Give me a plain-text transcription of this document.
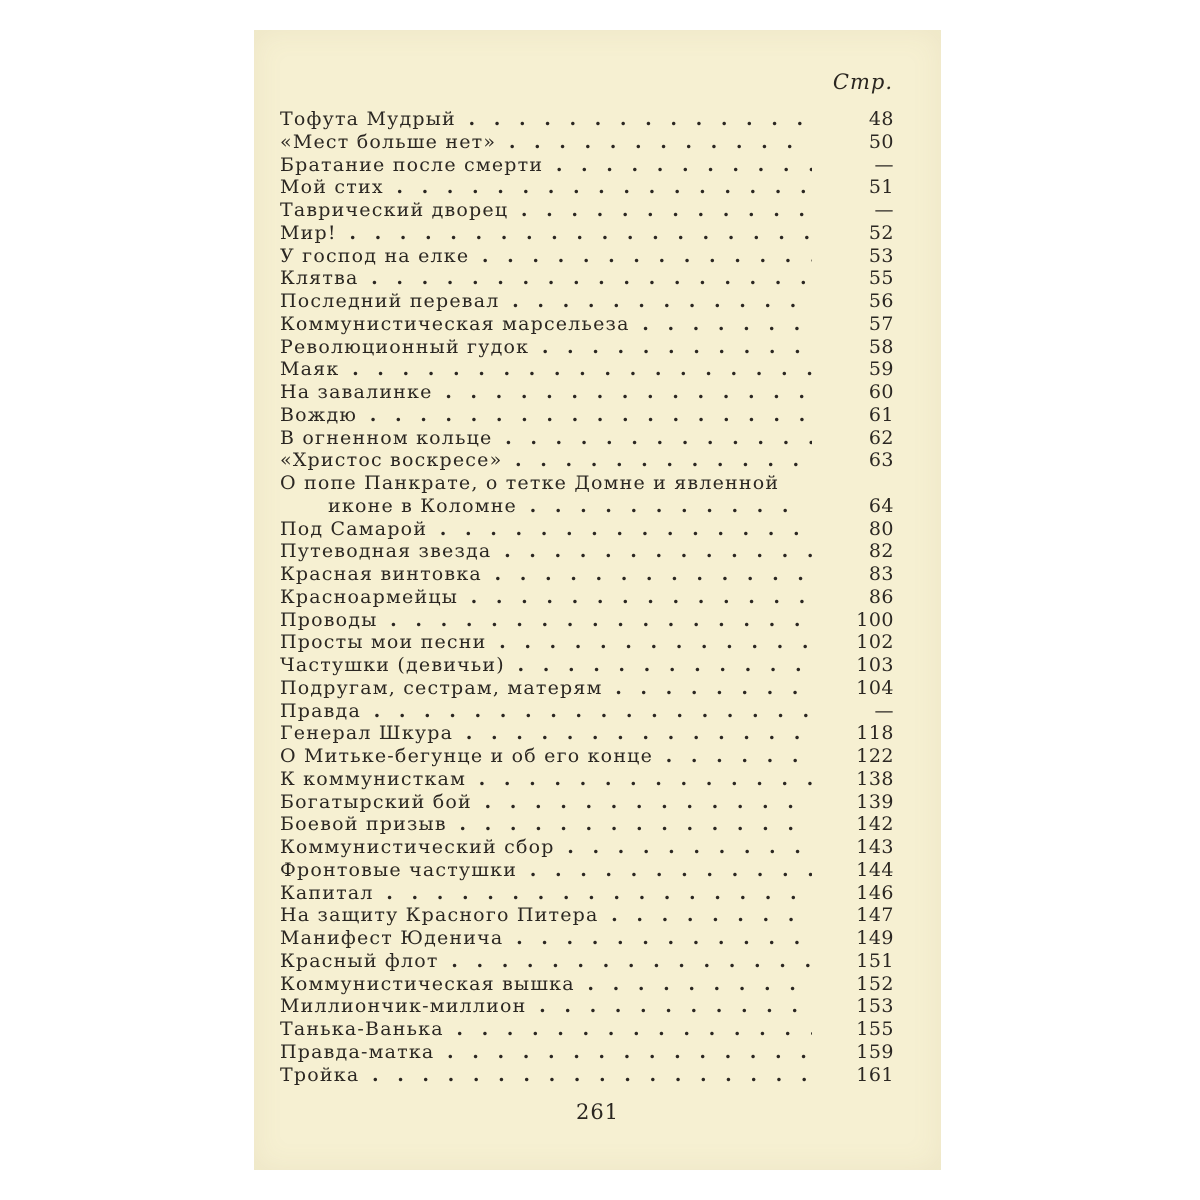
Стр.
Тофута Мудрый . . .	48
«Мест больше нет» . . .	50
Братание после смерти . . .	—
Мой стих . . .	51
Таврический дворец . . .	—
Мир! . . .	52
У господ на елке . . .	53
Клятва . . .	55
Последний перевал . . .	56
Коммунистическая марсельеза . . .	57
Революционный гудок . . .	58
Маяк . . .	59
На завалинке . . .	60
Вождю . . .	61
В огненном кольце . . .	62
«Христос воскресе» . . .	63
О попе Панкрате, о тетке Домне и явленной
иконе в Коломне . . .	64
Под Самарой . . .	80
Путеводная звезда . . .	82
Красная винтовка . . .	83
Красноармейцы . . .	86
Проводы . . .	100
Просты мои песни . . .	102
Частушки (девичьи) . . .	103
Подругам, сестрам, матерям . . .	104
Правда . . .	—
Генерал Шкура . . .	118
О Митьке-бегунце и об его конце . . .	122
К коммунисткам . . .	138
Богатырский бой . . .	139
Боевой призыв . . .	142
Коммунистический сбор . . .	143
Фронтовые частушки . . .	144
Капитал . . .	146
На защиту Красного Питера . . .	147
Манифест Юденича . . .	149
Красный флот . . .	151
Коммунистическая вышка . . .	152
Миллиончик-миллион . . .	153
Танька-Ванька . . .	155
Правда-матка . . .	159
Тройка . . .	161
261
